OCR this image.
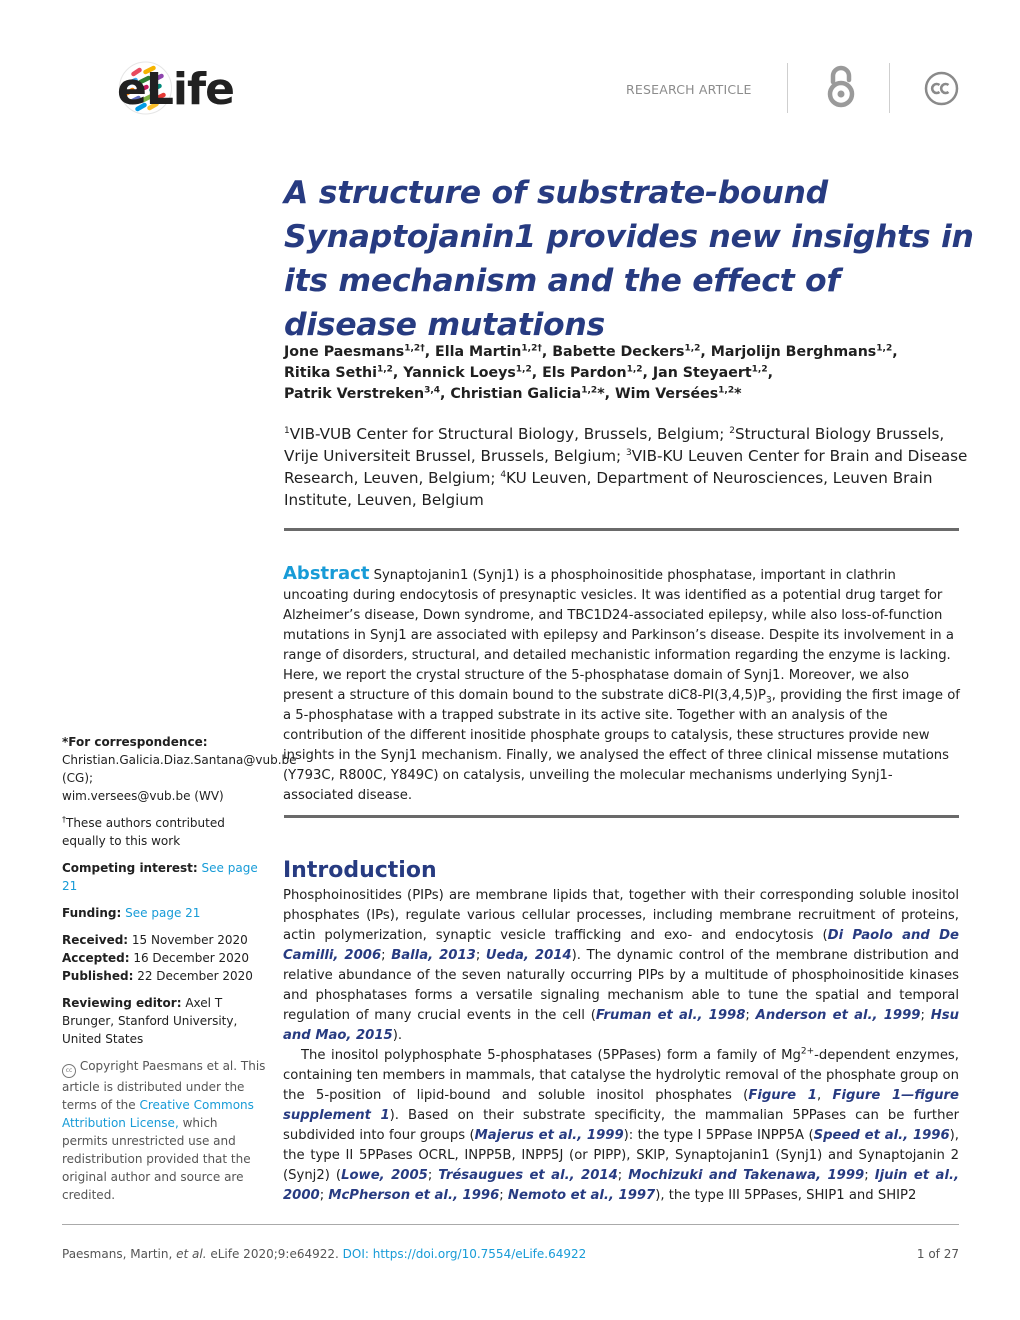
eLife	RESEARCH ARTICLE
A structure of substrate-bound Synaptojanin1 provides new insights in its mechanism and the effect of disease mutations
Jone Paesmans$^{1,2\dagger}$, Ella Martin$^{1,2\dagger}$, Babette Deckers$^{1,2}$, Marjolijn Berghmans$^{1,2}$,
Ritika Sethi$^{1,2}$, Yannick Loeys$^{1,2}$, Els Pardon$^{1,2}$, Jan Steyaert$^{1,2}$,
Patrik Verstreken$^{3,4}$, Christian Galicia$^{1,2}$*, Wim Versées$^{1,2}$*
$^1$VIB-VUB Center for Structural Biology, Brussels, Belgium; $^2$Structural Biology Brussels, Vrije Universiteit Brussel, Brussels, Belgium; $^3$VIB-KU Leuven Center for Brain and Disease Research, Leuven, Belgium; $^4$KU Leuven, Department of Neurosciences, Leuven Brain Institute, Leuven, Belgium
Abstract Synaptojanin1 (Synj1) is a phosphoinositide phosphatase, important in clathrin uncoating during endocytosis of presynaptic vesicles. It was identified as a potential drug target for Alzheimer’s disease, Down syndrome, and TBC1D24-associated epilepsy, while also loss-of-function mutations in Synj1 are associated with epilepsy and Parkinson’s disease. Despite its involvement in a range of disorders, structural, and detailed mechanistic information regarding the enzyme is lacking. Here, we report the crystal structure of the 5-phosphatase domain of Synj1. Moreover, we also present a structure of this domain bound to the substrate $diC8-PI(3,4,5)P_3$, providing the first image of a 5-phosphatase with a trapped substrate in its active site. Together with an analysis of the contribution of the different inositide phosphate groups to catalysis, these structures provide new insights in the Synj1 mechanism. Finally, we analysed the effect of three clinical missense mutations (Y793C, R800C, Y849C) on catalysis, unveiling the molecular mechanisms underlying Synj1-associated disease.
Introduction

Phosphoinositides (PIPs) are membrane lipids that, together with their corresponding soluble inositol phosphates (IPs), regulate various cellular processes, including membrane recruitment of proteins, actin polymerization, synaptic vesicle trafficking and exo- and endocytosis (Di Paolo and De Camilli, 2006; Balla, 2013; Ueda, 2014). The dynamic control of the membrane distribution and relative abundance of the seven naturally occurring PIPs by a multitude of phosphoinositide kinases and phosphatases forms a versatile signaling mechanism able to tune the spatial and temporal regulation of many crucial events in the cell (Fruman et al., 1998; Anderson et al., 1999; Hsu and Mao, 2015).

The inositol polyphosphate 5-phosphatases (5PPases) form a family of $Mg^{2+}$-dependent enzymes, containing ten members in mammals, that catalyse the hydrolytic removal of the phosphate group on the 5-position of lipid-bound and soluble inositol phosphates (Figure 1, Figure 1—figure supplement 1). Based on their substrate specificity, the mammalian 5PPases can be further subdivided into four groups (Majerus et al., 1999): the type I 5PPase INPP5A (Speed et al., 1996), the type II 5PPases OCRL, INPP5B, INPP5J (or PIPP), SKIP, Synaptojanin1 (Synj1) and Synaptojanin 2 (Synj2) (Lowe, 2005; Trésaugues et al., 2014; Mochizuki and Takenawa, 1999; Ijuin et al., 2000; McPherson et al., 1996; Nemoto et al., 1997), the type III 5PPases, SHIP1 and SHIP2

*For correspondence:
Christian.Galicia.Diaz.Santana@vub.be (CG);
wim.versees@vub.be (WV)
†These authors contributed equally to this work
Competing interest: See page 21
Funding: See page 21
Received: 15 November 2020
Accepted: 16 December 2020
Published: 22 December 2020
Reviewing editor: Axel T Brunger, Stanford University, United States
cc Copyright Paesmans et al. This article is distributed under the terms of the Creative Commons Attribution License, which permits unrestricted use and redistribution provided that the original author and source are credited.
Paesmans, Martin, et al. eLife 2020;9:e64922. DOI: https://doi.org/10.7554/eLife.64922	1 of 27
